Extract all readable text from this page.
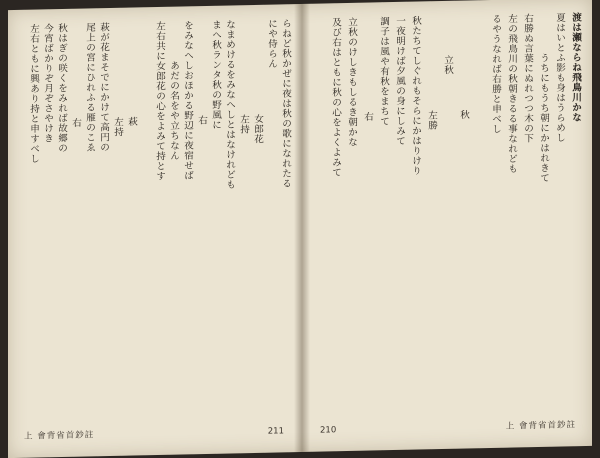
らねど秋かぜに夜は秋の歌になれたる
にや侍らん
女郎花
左持
なまめけるをみなへしとはなけれども
まへ秋ランタ秋の野風に
右
をみなへしおほかる野辺に夜宿せば
あだの名をや立ちなん
左右共に女郎花の心をよみて持とす
萩
左持
萩が花まそでにかけて高円の
尾上の宮にひれふる雁のこゑ
右
秋はぎの咲くをみれば故郷の
今宵ばかりぞ月ぞさやけき
左右ともに興あり持と申すべし
上 會背省首鈔註	211
渡は瀬ならね飛鳥川かな
夏はいとふ影も身はうらめし
うちにもうち朝にかはれきて
右勝ぬ言葉にぬれつつ木の下
左の飛鳥川の秋朝きるる事なれども
るやうなれば右勝と申べし
秋
立秋
左勝
秋たちてしぐれもそらにかはりけり
一夜明けば夕風の身にしみて
調子は風や有秋をまちて
右
立秋のけしきもしるき朝かな
及び右はともに秋の心をよくよみて
210	上 會背省首鈔註
